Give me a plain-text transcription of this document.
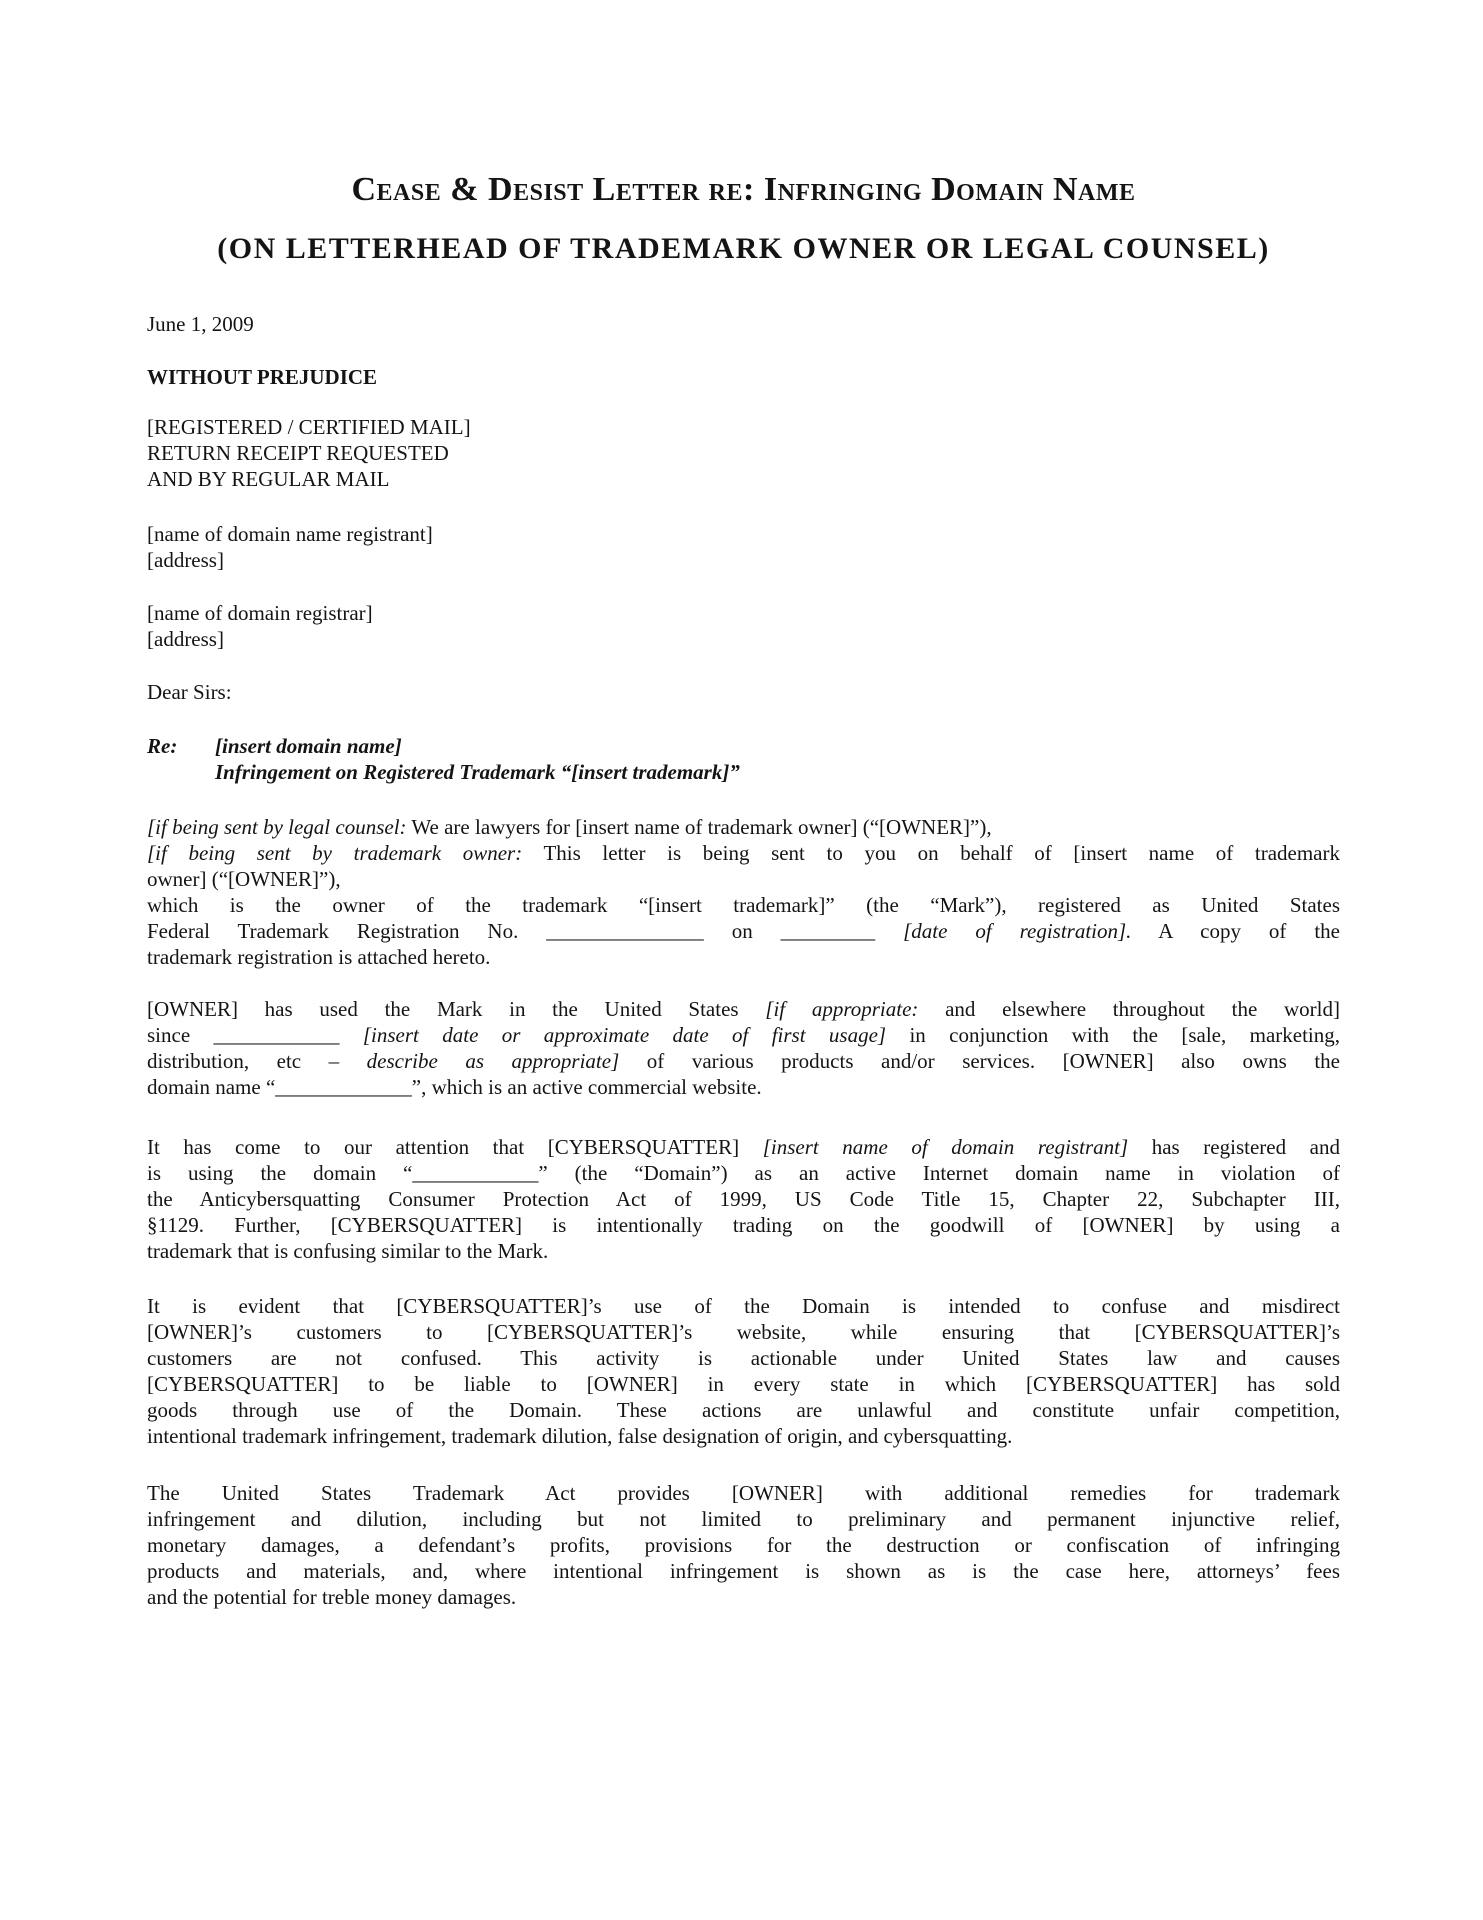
Cease & Desist Letter re: Infringing Domain Name
(ON LETTERHEAD OF TRADEMARK OWNER OR LEGAL COUNSEL)
June 1, 2009
WITHOUT PREJUDICE
[REGISTERED / CERTIFIED MAIL]
RETURN RECEIPT REQUESTED
AND BY REGULAR MAIL
[name of domain name registrant]
[address]
[name of domain registrar]
[address]
Dear Sirs:
Re: [insert domain name]
Infringement on Registered Trademark “[insert trademark]”
[if being sent by legal counsel: We are lawyers for [insert name of trademark owner] (“[OWNER]”),
[if being sent by trademark owner: This letter is being sent to you on behalf of [insert name of trademark
owner] (“[OWNER]”),
which is the owner of the trademark “[insert trademark]” (the “Mark”), registered as United States
Federal Trademark Registration No. _______________ on _________ [date of registration]. A copy of the
trademark registration is attached hereto.
[OWNER] has used the Mark in the United States [if appropriate: and elsewhere throughout the world]
since ____________ [insert date or approximate date of first usage] in conjunction with the [sale, marketing,
distribution, etc – describe as appropriate] of various products and/or services. [OWNER] also owns the
domain name “_____________”, which is an active commercial website.
It has come to our attention that [CYBERSQUATTER] [insert name of domain registrant] has registered and
is using the domain “____________” (the “Domain”) as an active Internet domain name in violation of
the Anticybersquatting Consumer Protection Act of 1999, US Code Title 15, Chapter 22, Subchapter III,
§1129. Further, [CYBERSQUATTER] is intentionally trading on the goodwill of [OWNER] by using a
trademark that is confusing similar to the Mark.
It is evident that [CYBERSQUATTER]’s use of the Domain is intended to confuse and misdirect
[OWNER]’s customers to [CYBERSQUATTER]’s website, while ensuring that [CYBERSQUATTER]’s
customers are not confused. This activity is actionable under United States law and causes
[CYBERSQUATTER] to be liable to [OWNER] in every state in which [CYBERSQUATTER] has sold
goods through use of the Domain. These actions are unlawful and constitute unfair competition,
intentional trademark infringement, trademark dilution, false designation of origin, and cybersquatting.
The United States Trademark Act provides [OWNER] with additional remedies for trademark
infringement and dilution, including but not limited to preliminary and permanent injunctive relief,
monetary damages, a defendant’s profits, provisions for the destruction or confiscation of infringing
products and materials, and, where intentional infringement is shown as is the case here, attorneys’ fees
and the potential for treble money damages.
